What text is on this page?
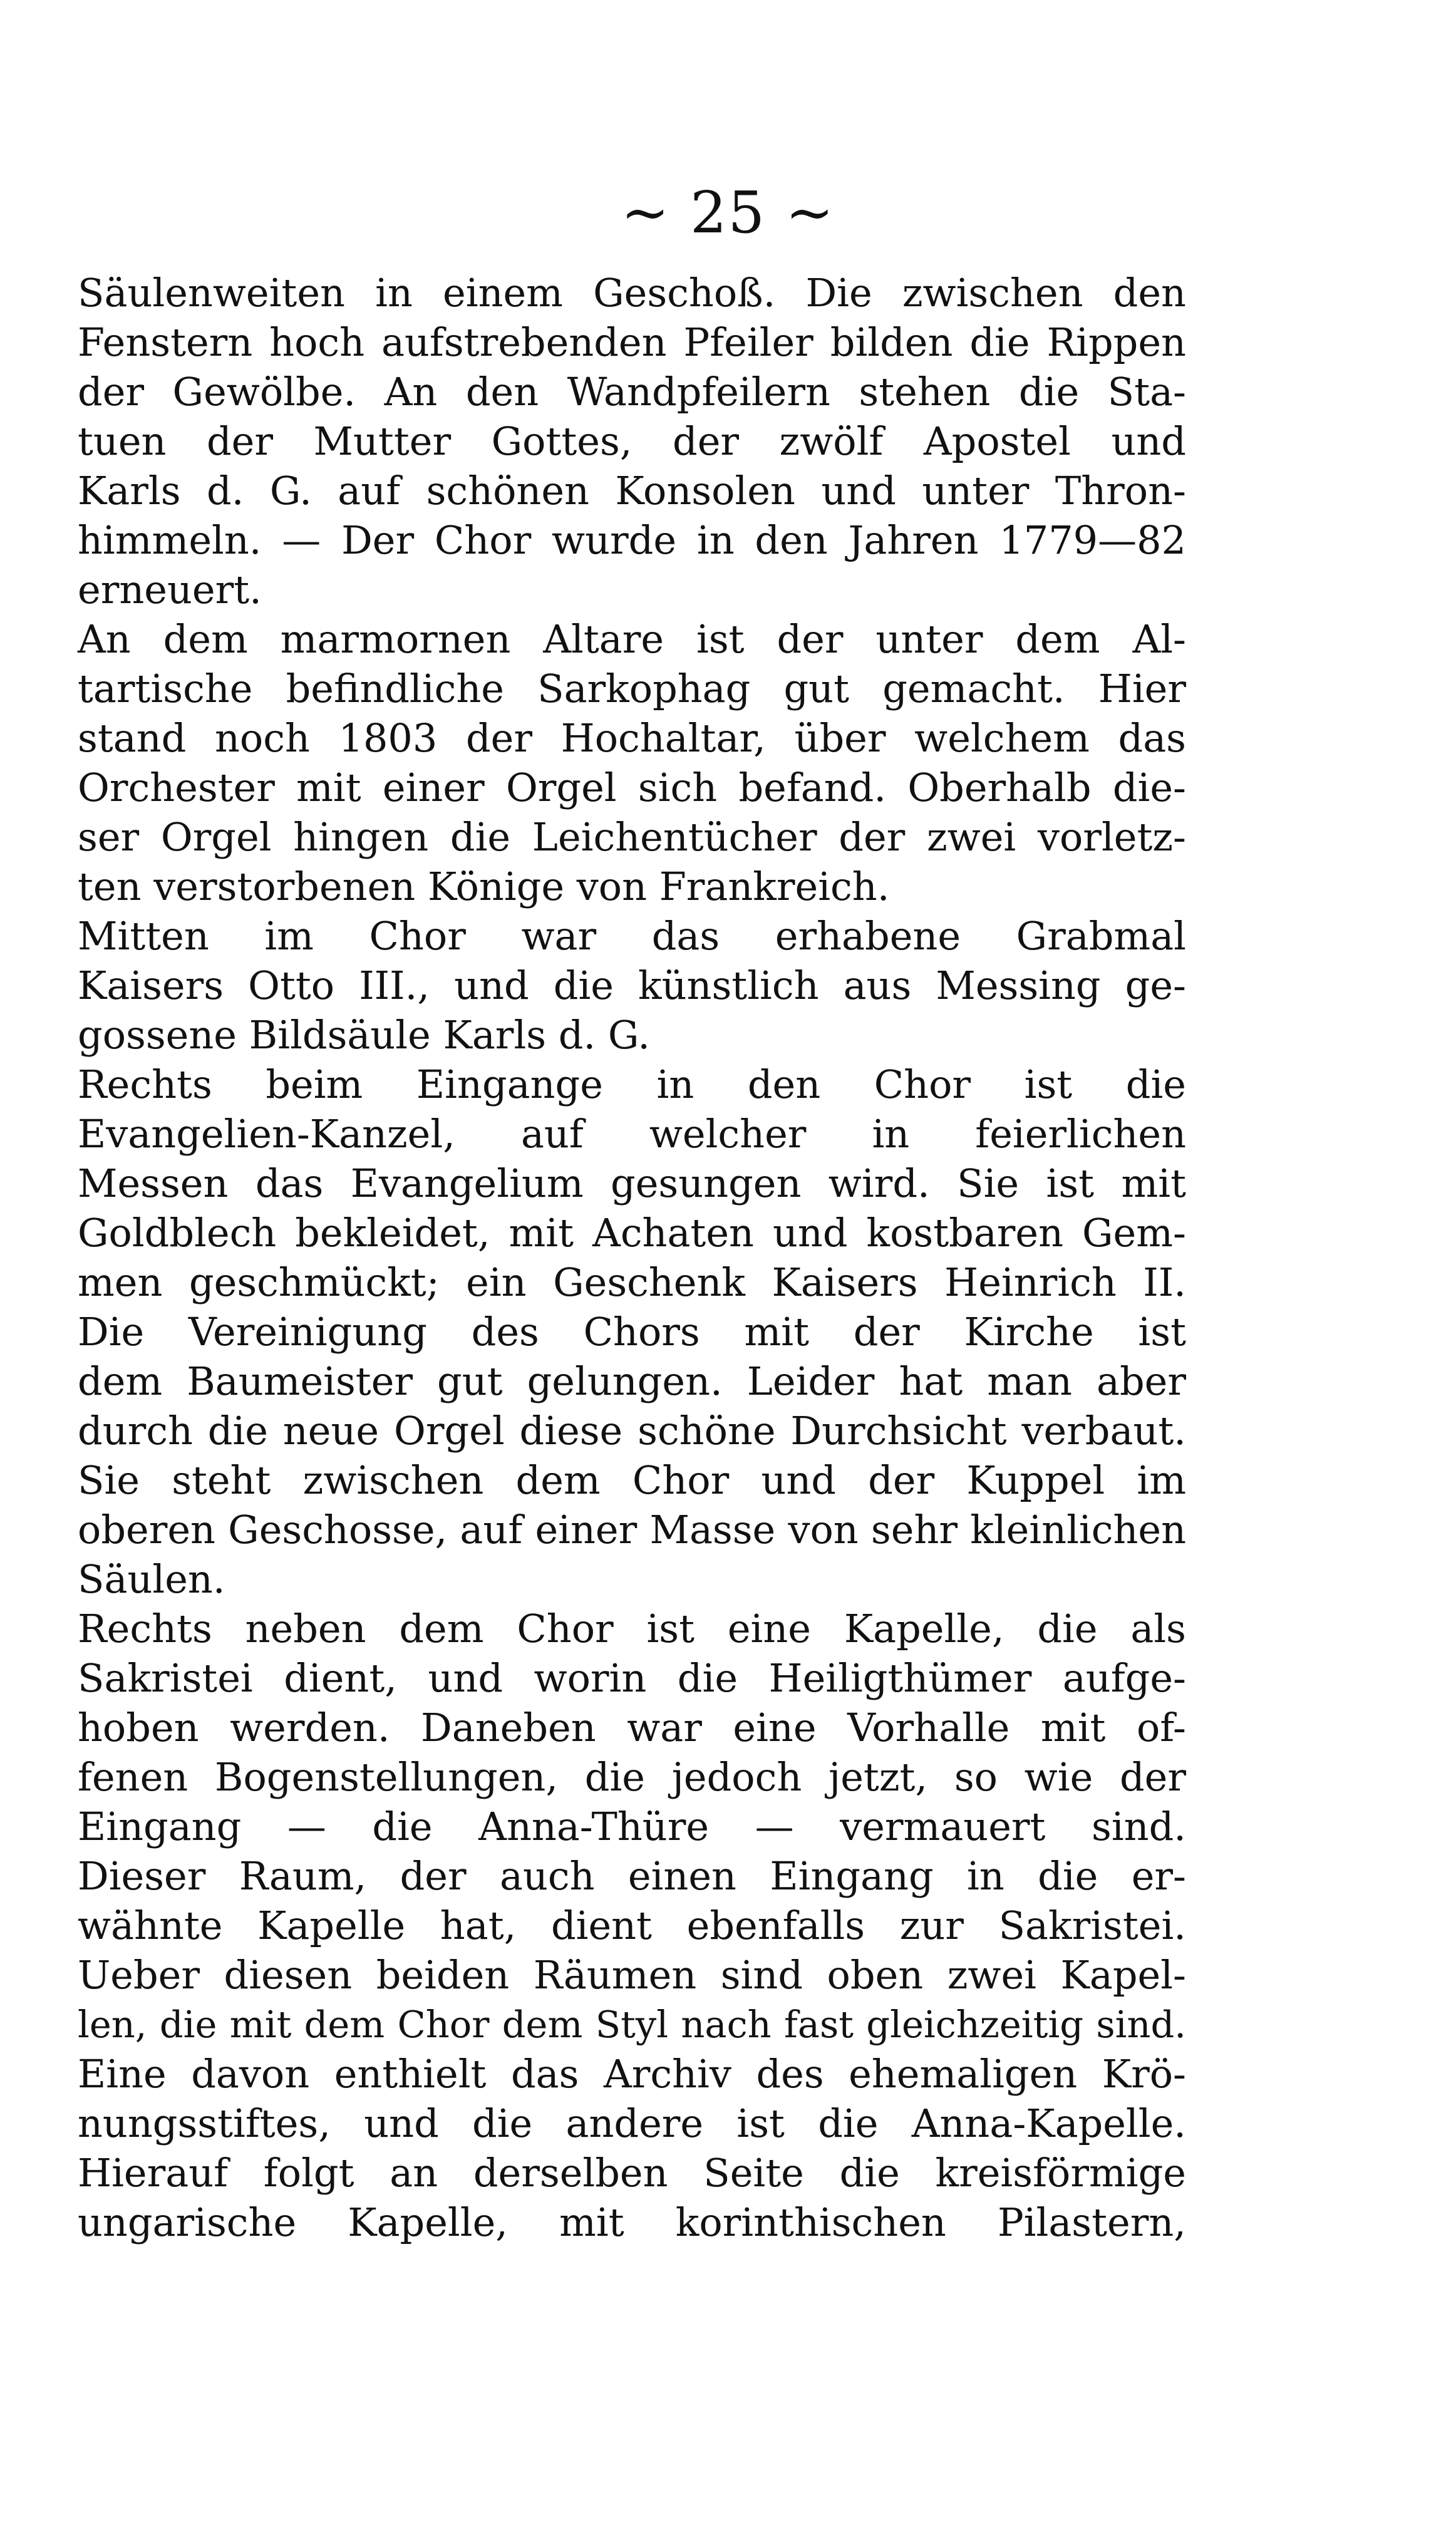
~ 25 ~
Säulenweiten in einem Geschoß. Die zwischen den
Fenstern hoch aufstrebenden Pfeiler bilden die Rippen
der Gewölbe. An den Wandpfeilern stehen die Sta-
tuen der Mutter Gottes, der zwölf Apostel und
Karls d. G. auf schönen Konsolen und unter Thron-
himmeln. — Der Chor wurde in den Jahren 1779—82
erneuert.
An dem marmornen Altare ist der unter dem Al-
tartische befindliche Sarkophag gut gemacht. Hier
stand noch 1803 der Hochaltar, über welchem das
Orchester mit einer Orgel sich befand. Oberhalb die-
ser Orgel hingen die Leichentücher der zwei vorletz-
ten verstorbenen Könige von Frankreich.
Mitten im Chor war das erhabene Grabmal
Kaisers Otto III., und die künstlich aus Messing ge-
gossene Bildsäule Karls d. G.
Rechts beim Eingange in den Chor ist die
Evangelien-Kanzel, auf welcher in feierlichen
Messen das Evangelium gesungen wird. Sie ist mit
Goldblech bekleidet, mit Achaten und kostbaren Gem-
men geschmückt; ein Geschenk Kaisers Heinrich II.
Die Vereinigung des Chors mit der Kirche ist
dem Baumeister gut gelungen. Leider hat man aber
durch die neue Orgel diese schöne Durchsicht verbaut.
Sie steht zwischen dem Chor und der Kuppel im
oberen Geschosse, auf einer Masse von sehr kleinlichen
Säulen.
Rechts neben dem Chor ist eine Kapelle, die als
Sakristei dient, und worin die Heiligthümer aufge-
hoben werden. Daneben war eine Vorhalle mit of-
fenen Bogenstellungen, die jedoch jetzt, so wie der
Eingang — die Anna-Thüre — vermauert sind.
Dieser Raum, der auch einen Eingang in die er-
wähnte Kapelle hat, dient ebenfalls zur Sakristei.
Ueber diesen beiden Räumen sind oben zwei Kapel-
len, die mit dem Chor dem Styl nach fast gleichzeitig sind.
Eine davon enthielt das Archiv des ehemaligen Krö-
nungsstiftes, und die andere ist die Anna-Kapelle.
Hierauf folgt an derselben Seite die kreisförmige
ungarische Kapelle, mit korinthischen Pilastern,
